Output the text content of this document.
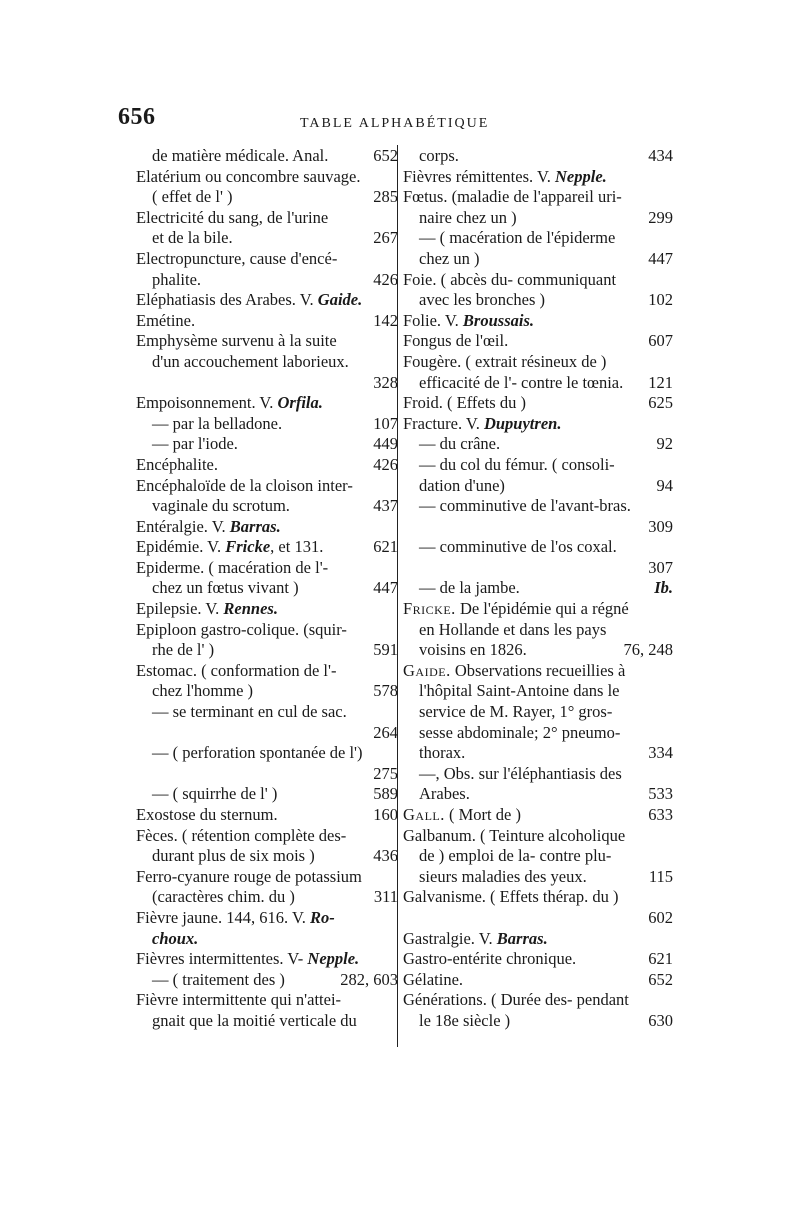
656	TABLE ALPHABÉTIQUE
de matière médicale. Anal.	652
Elatérium ou concombre sauvage.
( effet de l' )	285
Electricité du sang, de l'urine
et de la bile.	267
Electropuncture, cause d'encé-
phalite.	426
Eléphatiasis des Arabes. V. Gaide.
Emétine.	142
Emphysème survenu à la suite
d'un accouchement laborieux.
328
Empoisonnement. V. Orfila.
— par la belladone.	107
— par l'iode.	449
Encéphalite.	426
Encéphaloïde de la cloison inter-
vaginale du scrotum.	437
Entéralgie. V. Barras.
Epidémie. V. Fricke, et 131.	621
Epiderme. ( macération de l'-
chez un fœtus vivant )	447
Epilepsie. V. Rennes.
Epiploon gastro-colique. (squir-
rhe de l' )	591
Estomac. ( conformation de l'-
chez l'homme )	578
— se terminant en cul de sac.
264
— ( perforation spontanée de l')
275
— ( squirrhe de l' )	589
Exostose du sternum.	160
Fèces. ( rétention complète des-
durant plus de six mois )	436
Ferro-cyanure rouge de potassium
(caractères chim. du )	311
Fièvre jaune. 144, 616. V. Ro-
choux.
Fièvres intermittentes. V- Nepple.
— ( traitement des )	282, 603
Fièvre intermittente qui n'attei-
gnait que la moitié verticale du
corps.	434
Fièvres rémittentes. V. Nepple.
Fœtus. (maladie de l'appareil uri-
naire chez un )	299
— ( macération de l'épiderme
chez un )	447
Foie. ( abcès du- communiquant
avec les bronches )	102
Folie. V. Broussais.
Fongus de l'œil.	607
Fougère. ( extrait résineux de )
efficacité de l'- contre le tœnia.	121
Froid. ( Effets du )	625
Fracture. V. Dupuytren.
— du crâne.	92
— du col du fémur. ( consoli-
dation d'une)	94
— comminutive de l'avant-bras.
309
— comminutive de l'os coxal.
307
— de la jambe.	Ib.
Fricke. De l'épidémie qui a régné
en Hollande et dans les pays
voisins en 1826.	76, 248
Gaide. Observations recueillies à
l'hôpital Saint-Antoine dans le
service de M. Rayer, 1° gros-
sesse abdominale; 2° pneumo-
thorax.	334
—, Obs. sur l'éléphantiasis des
Arabes.	533
Gall. ( Mort de )	633
Galbanum. ( Teinture alcoholique
de ) emploi de la- contre plu-
sieurs maladies des yeux.	115
Galvanisme. ( Effets thérap. du )
602
Gastralgie. V. Barras.
Gastro-entérite chronique.	621
Gélatine.	652
Générations. ( Durée des- pendant
le 18e siècle )	630
